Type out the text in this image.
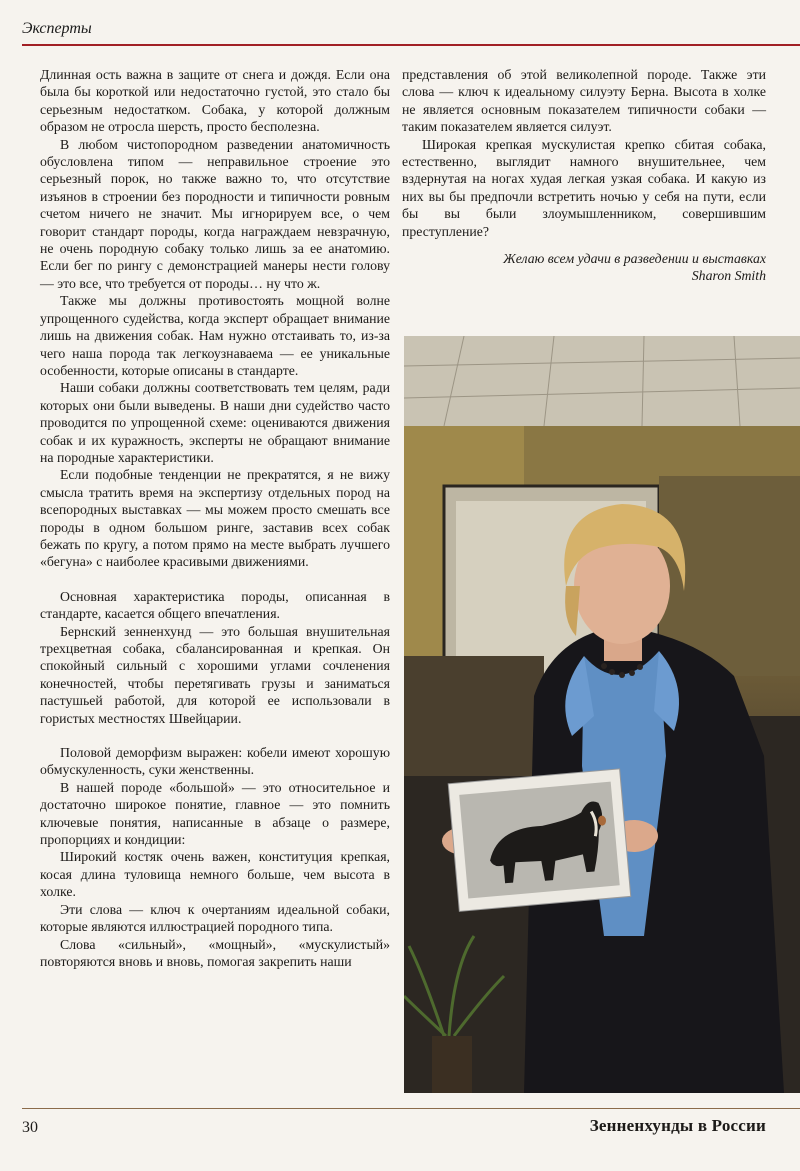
Эксперты

Длинная ость важна в защите от снега и дождя. Если она была бы короткой или недостаточно густой, это стало бы серьезным недостатком. Собака, у которой должным образом не отросла шерсть, просто бесполезна.

В любом чистопородном разведении анатомичность обусловлена типом — неправильное строение это серьезный порок, но также важно то, что отсутствие изъянов в строении без породности и типичности ровным счетом ничего не значит. Мы игнорируем все, о чем говорит стандарт породы, когда награждаем невзрачную, не очень породную собаку только лишь за ее анатомию. Если бег по рингу с демонстрацией манеры нести голову — это все, что требуется от породы… ну что ж.

Также мы должны противостоять мощной волне упрощенного судейства, когда эксперт обращает внимание лишь на движения собак. Нам нужно отстаивать то, из-за чего наша порода так легкоузнаваема — ее уникальные особенности, которые описаны в стандарте.

Наши собаки должны соответствовать тем целям, ради которых они были выведены. В наши дни судейство часто проводится по упрощенной схеме: оцениваются движения собак и их куражность, эксперты не обращают внимание на породные характеристики.

Если подобные тенденции не прекратятся, я не вижу смысла тратить время на экспертизу отдельных пород на всепородных выставках — мы можем просто смешать все породы в одном большом ринге, заставив всех собак бежать по кругу, а потом прямо на месте выбрать лучшего «бегуна» с наиболее красивыми движениями.

Основная характеристика породы, описанная в стандарте, касается общего впечатления.

Бернский зенненхунд — это большая внушительная трехцветная собака, сбалансированная и крепкая. Он спокойный сильный с хорошими углами сочленения конечностей, чтобы перетягивать грузы и заниматься пастушьей работой, для которой ее использовали в гористых местностях Швейцарии.

Половой деморфизм выражен: кобели имеют хорошую обмускуленность, суки женственны.

В нашей породе «большой» — это относительное и достаточно широкое понятие, главное — это помнить ключевые понятия, написанные в абзаце о размере, пропорциях и кондиции:

Широкий костяк очень важен, конституция крепкая, косая длина туловища немного больше, чем высота в холке.

Эти слова — ключ к очертаниям идеальной собаки, которые являются иллюстрацией породного типа.

Слова «сильный», «мощный», «мускулистый» повторяются вновь и вновь, помогая закрепить наши

представления об этой великолепной породе. Также эти слова — ключ к идеальному силуэту Берна. Высота в холке не является основным показателем типичности собаки — таким показателем является силуэт.

Широкая крепкая мускулистая крепко сбитая собака, естественно, выглядит намного внушительнее, чем вздернутая на ногах худая легкая узкая собака. И какую из них вы бы предпочли встретить ночью у себя на пути, если бы вы были злоумышленником, совершившим преступление?

Желаю всем удачи в разведении и выставках
Sharon Smith

30	Зенненхунды в России
